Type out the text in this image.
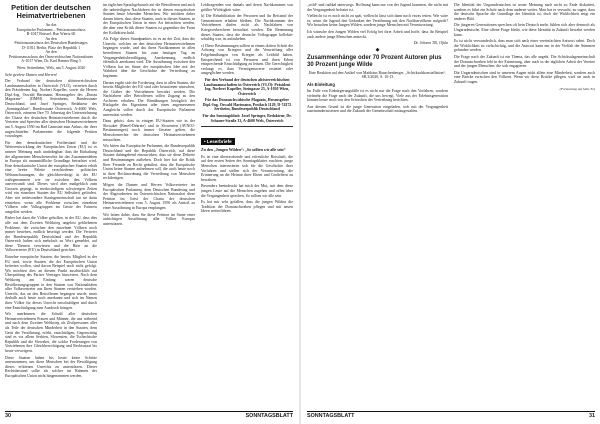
Petition der deutschen Heimatvertriebenen
An das
Europäische Parlament – Petitionsausschuss
B-1047 Brüssel, Rue Wiertz 60
An den
Petitionsausschuss des Deutschen Bundestages
D-11011 Berlin, Platz der Republik 1
An den
Petitionsausschuss des Österreichischen Nationalrates
A-1017 Wien, Dr. Karl Renner Ring 3

Wien, Seitenheim, Wels, am 5. August 2020

Sehr geehrte Damen und Herren!

Der Verband der deutschen altösterreichischen Landsmannschaften in Österreich (VLÖ), vertreten durch den Präsidenten Ing. Norbert Kapeller, sowie die Herren Dipl.-Ing. Oswald Hartmann, Herausgeber des „Donau Magazins“ (DMM) Seitenheim, Bundesstaate Deutschland, und Josef Springer, Redakteur des „Sonntagsblatt“, Bundesstaate Österreich, A-4600 Wels, Österreich, erinnern Ihre 70. Jahrestag der Unterzeichnung der Charta der deutschen Heimatvertriebenen durch die Vertreter und Sprecher aller deutschen Heimatvertriebenen am 5. August 1950 im Bad Cannstatt zum Anlass, der ihrer ungeschüttelen Parlamenten die folgende Petition vorzulegen.

Für den demokratischen Fortbestand und die Weiterentwicklung der Europäischen Union (EU) ist es unserer Meinung nach unabdingbar, dass die Einhaltung der allgemeinen Menschenrechte für das Zusammenleben in Europa als unumstößliche Grundlage betrachtet wird. Eine demokratische Union der europäischen Staaten erhält eine breite Palette verschiedener politischer Weltanschauungen, die gleichberechtigt in der EU wahrgenommen wie sie zwischen den Völkern ausverwandt sind. Dieses wird aber maßgeblich zum Grossen geprägt, in merkwürdigem schwierigen Zeiten wird ein einzelner Staaten der EU Selbstheit gefördert. Aber wie insbesondere Staatsgemeinschaft tun sie darin einstehen, wenn alle Probleme zwischen einzelnen Völkern oder Volksgruppen im Geiste der Fairness ausgelöst werden.

Bisher hat dazu die Völker geholfen, in der EU, dass dies alle aus dem Zweiten Weltkrieg ungelöst gebliebenen Probleme, die zwischen den einzelnen Völkern noch immer bestehen, endlich beseitigt werden. Die Vertreter der Bundesrepublik Deutschland und der Republik Österreich haben sich mehrfach zu Wort gemeldet, auf diese Themen verwiesen und die Bitte an die Volksvertreter (EU) in Deutschland gerichtet.

Einzelne europäische Staaten, die bereits Mitglied in der EU sind, sowie Staaten, die der Europäischen Union beitreten wollen, sind davon Beispiel noch nicht gefolgt. Wir möchten dies an diesem Punkt ausdrücklich auf Überprüfung des Pariser Vertrages hinweisen. Nach dem Weltkrieg am Einfang waren deutsche Bevölkerungsgruppen in den Staaten von Nationalitäten aller Volksvertreter aus Ihren Staaten vertrieben worden. Unrecht, das an den Betroffenen begangen wurde, muss deshalb auch heute noch anerkannt und sich im Namen ihrer Völker für dieses Unrecht entschuldigen und durch eine Entschädigung zum Ausdruck bringen.

Wir anerkennen die Schuld aller deutschen Heimatvertriebenen Frauen und Männer, die uns während und nach dem Zweiten Weltkrieg als Zivilpersonen aller als Teile der deutschen Minderheit in den Staaten, dem Geist der Versöhnung, erlebt, entschädigen. Gegenwärtig sind es vor allem Serbien, Slowenien, die Tschechische Republik und die Slowakei, die solche Forderungen von Vertriebenen ihre Gleichberechtigung und Rechtsstaat bis heute verweigern.

Diese Staaten haben bis heute keine Schritte unternommen, um diese Menschen bei der Bewältigung dieses erlittenen Unrechts zu unterstützen. Dieser Rechtsbestand sollte als solcher im Rahmen der Europäischen Union nicht hingenommen werden.

im täglichen Sprachgebrauch auf die Betroffenen und auch die unbeteiligten Nachfahren der in diesen europäischen Staaten heute lebenden Menschen. Wir möchten daher darum bitten, dass diese Staaten, auch in diesen Staaten, in der Europäischen Union in einer Art betrachten werden, die aber eine Kritik dieser Staaten ist gegenüber der Form der Kollektivschuld.

Als Folge dieses Standpunktes ist es an der Zeit, dass die Unrecht, welches an den deutschen Heimatvertriebenen begangen wurde, und das ihren Nachkommen in allen betroffenen Staaten bis zum heutigen Tag an Vergangenheitsbewältigung, Anerkennung, endlich öffentlich anerkannt wird. Die Aussöhnung zwischen den Völkern hat im Sinne der europäischen Idee mit der Wahrheit über die Geschichte der Vertreibung zu beginnen.

Daraus ergibt sich die Forderung, dass in allen Staaten, die bereits Mitglieder der EU sind oder beizutreten wünschen, die Gräber der Vertriebenen bewahrt werden. Die Nachfahren aller Betroffenen sollen Zugang zu den Archiven erhalten. Die Bemühungen bezüglich der Rückgabe des Eigentums oder eines angemessenen Ausgleichs sollen durch das Europäische Parlament unterstützt werden.

Dazu gehört, dass in einigen EU-Staaten wie in der Slowakei (Beneš-Dekrete) und in Slowenien (AVNOJ-Bestimmungen) noch immer Gesetze gelten, die Menschenrechte der deutschen Heimatvertriebenen missachten.

Wir bitten das Europäische Parlament, die Bundesrepublik Deutschland und die Republik Österreich, auf diese Staaten dahingehend einzuwirken, dass sie diese Dekrete und Bestimmungen aufheben. Doch hier hat die Kritik Ihrer Freunde zu Recht geäußert, dass die Europäische Union keine Staaten aufnehmen soll, die auch heute noch in ihrer Rechtsordnung die Vertreibung von Menschen rechtfertigen.

Mögen die Damen und Herren Volksvertreter im Europäischen Parlament, dem Deutschen Bundestag und der Abgeordneten im Österreichischen Nationalrat diese Petition im Geist der Charta der deutschen Heimatvertriebenen vom 5. August 1950 als Anstoß zu einer Aussöhnung in Europa empfangen.

Wir bitten daher, dass Sie diese Petition im Sinne einer aufrichtigen Aussöhnung aller Völker Europas unterstützen.

Leidtragenden von damals und deren Nachkommen von größter Wichtigkeit wäre.

b) Die Rehabilitation der Personen und ihr Beistand der Generationen erhalten bleiben. Die Nachkommen der Vertriebenen dürfen nicht als Nachfahren von Kriegsverbrechern betrachtet werden. Die Benennung dieses Staates, dass die deutsche Volksgruppe kollektiv schuldig war, ist aufzuheben.

c) Diese Bestimmungen sollten in einem dritten Schritt die Achtung von Kriegern und die Verurteilung aller Folgehandlungen von Kriegen als Leitbild haben. Entsprechend ist von Personen und ihren Erben entsprechende Entschädigung zu leisten. Die Gerechtigkeit verlangt es, dass Vermögenswerte erstattet oder ausgeglichen werden.

Für den Verband der deutschen altösterreichischen Landsmannschaften in Österreich (VLÖ): Präsident Ing. Norbert Kapeller, Steingasse 25, A-1030 Wien, Österreich

Für das Donauschwäbische Magazin, Herausgeber Dipl.-Ing. Oswald Hartmann, Postfach 1129, D-74372 Sersheim, Bundesrepublik Deutschland

Für das Sonntagsblatt: Josef Springer, Redakteur, Dr. Schauer-Straße 33, A-4600 Wels, Österreich

• Leserbriefe

Zu den „Jungen Wilden“: „So sollten wir alle sein“

Es ist eine überraschende und erfreuliche Botschaft, die auf den ersten Seiten des Sonntagsblattes erschien: junge Menschen interessieren sich für die Geschichte ihrer Vorfahren und stellen sich der Verantwortung, die Erinnerung an die Heimat ihrer Eltern und Großeltern zu bewahren.

Besonders beeindruckt hat mich der Mut, mit dem diese jungen Leute auf die Menschen zugehen und offen über die Vergangenheit sprechen. So sollten wir alle sein.

Es hat mir sehr gefallen, dass die jungen Wilden die Tradition der Donauschwaben pflegen und mit neuen Ideen weiterführen.

30	SONNTAGSBLATT

„wild“ und radikal unterwegs. Hoffnung kann nur von der Jugend kommen, die nicht mit der Vergangenheit belastet ist.

Vielleicht ist es noch nicht zu spät, vielleicht lässt sich dann noch etwas retten. Wie wäre es, wenn die Jugend den Gedanken der Versöhnung mit den Nachbarvölkern aufgreift? Wir brauchen keine Jungen Wilden, sondern junge Menschen mit Verantwortung.

Ich wünsche den Jungen Wilden viel Erfolg bei ihrer Arbeit und hoffe, dass ihr Beispiel auch andere junge Menschen ansteckt.

Dr. Johann Till, Ofala
◆
Zusammenhänge oder 70 Prozent Autoren plus 30 Prozent junge Wilde

Eine Reaktion auf den Artikel von Matthäus Rauschenberger, „Schicksalskonstellation“, SB 3/2020, S. 10-13

Als Einleitung

Im Falle von Einbürgerungsfälle ist es nicht nur die Frage nach den Vorfahren, sondern vielmehr die Frage nach der Zukunft, die uns bewegt. Viele aus der Erlebnisgeneration können heute noch von den Schrecken der Vertreibung berichten.

Aus diesem Grund ist die junge Generation eingeladen, sich mit der Vergangenheit auseinanderzusetzen und die Zukunft der Gemeinschaft mitzugestalten.

Die Identität der Ungarndeutschen ist neuer Meinung nach nicht zu Ende diskutiert, sondern es führt ein Schritt nach dem anderen weiter. Man hat es versucht, zu sagen, dass die deutsche Sprache die Grundlage der Identität ist, doch die Wirklichkeit zeigt ein anderes Bild.

Die jüngeren Generationen sprechen oft kein Deutsch mehr, fühlen sich aber dennoch als Ungarndeutsche. Eine offene Frage bleibt, wie diese Identität in Zukunft bewahrt werden kann.

Es ist nicht verwunderlich, dass man sich nach einer vereinfachten Antwort sehnt. Doch die Wirklichkeit ist vielschichtig, und die Antwort kann nur in der Vielfalt der Stimmen gefunden werden.

Die Frage nach der Zukunft ist ein Thema, das alle angeht. Die Schicksalsgemeinschaft der Donauschwaben lebt in der Erinnerung, aber auch in der täglichen Arbeit der Vereine und der jungen Menschen, die sich engagieren.

Die Ungarndeutschen sind in unserem Augen nicht allein eine Minderheit, sondern auch eine Brücke zwischen den Völkern. Wenn wir diese Brücke pflegen, wird sie auch in Zukunft tragen.

(Fortsetzung auf Seite 32)
SONNTAGSBLATT	31
